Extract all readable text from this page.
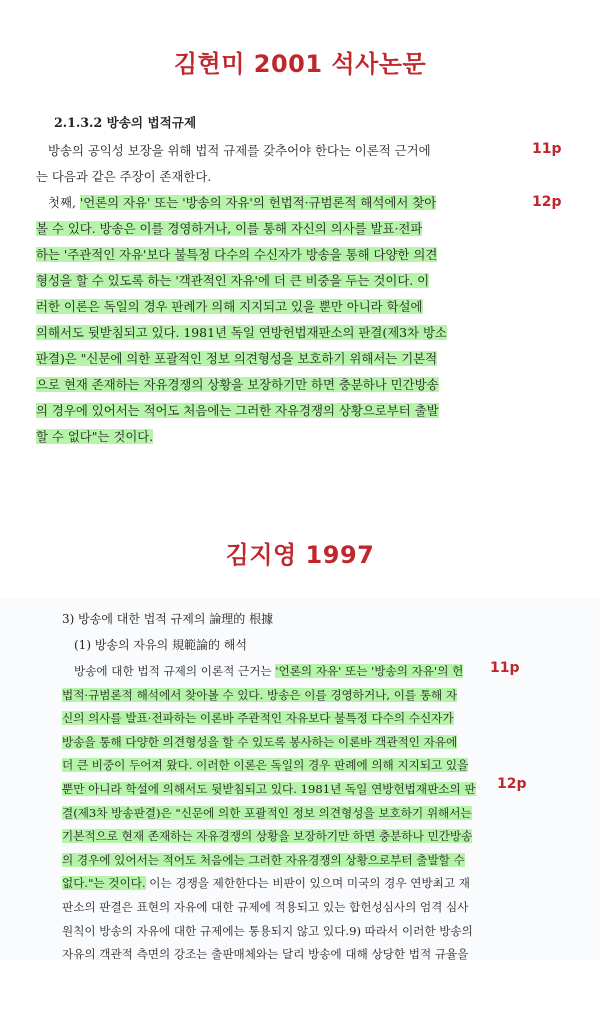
김현미 2001 석사논문
2.1.3.2 방송의 법적규제
방송의 공익성 보장을 위해 법적 규제를 갖추어야 한다는 이론적 근거에
는 다음과 같은 주장이 존재한다.
첫째, '언론의 자유' 또는 '방송의 자유'의 헌법적·규범론적 해석에서 찾아
볼 수 있다. 방송은 이를 경영하거나, 이를 통해 자신의 의사를 발표·전파
하는 '주관적인 자유'보다 불특정 다수의 수신자가 방송을 통해 다양한 의견
형성을 할 수 있도록 하는 '객관적인 자유'에 더 큰 비중을 두는 것이다. 이
러한 이론은 독일의 경우 판례가 의해 지지되고 있을 뿐만 아니라 학설에
의해서도 뒷받침되고 있다. 1981년 독일 연방헌법재판소의 판결(제3차 방소
판결)은 "신문에 의한 포괄적인 정보 의견형성을 보호하기 위해서는 기본적
으로 현재 존재하는 자유경쟁의 상황을 보장하기만 하면 충분하나 민간방송
의 경우에 있어서는 적어도 처음에는 그러한 자유경쟁의 상황으로부터 출발
할 수 없다"는 것이다.
11p
12p
김지영 1997
3) 방송에 대한 법적 규제의 論理的 根據
(1) 방송의 자유의 規範論的 해석
방송에 대한 법적 규제의 이론적 근거는 '언론의 자유' 또는 '방송의 자유'의 헌
법적·규범론적 해석에서 찾아볼 수 있다. 방송은 이를 경영하거나, 이를 통해 자
신의 의사를 발표·전파하는 이론바 주관적인 자유보다 불특정 다수의 수신자가
방송을 통해 다양한 의견형성을 할 수 있도록 봉사하는 이론바 객관적인 자유에
더 큰 비중이 두어져 왔다. 이러한 이론은 독일의 경우 판례에 의해 지지되고 있을
뿐만 아니라 학설에 의해서도 뒷받침되고 있다. 1981년 독일 연방헌법재판소의 판
결(제3차 방송판결)은 "신문에 의한 포괄적인 정보 의견형성을 보호하기 위해서는
기본적으로 현재 존재하는 자유경쟁의 상황을 보장하기만 하면 충분하나 민간방송
의 경우에 있어서는 적어도 처음에는 그러한 자유경쟁의 상황으로부터 출발할 수
없다."는 것이다. 이는 경쟁을 제한한다는 비판이 있으며 미국의 경우 연방최고 재
판소의 판결은 표현의 자유에 대한 규제에 적용되고 있는 합헌성심사의 엄격 심사
원칙이 방송의 자유에 대한 규제에는 통용되지 않고 있다.9) 따라서 이러한 방송의
자유의 객관적 측면의 강조는 출판매체와는 달리 방송에 대해 상당한 법적 규율을
11p
12p
